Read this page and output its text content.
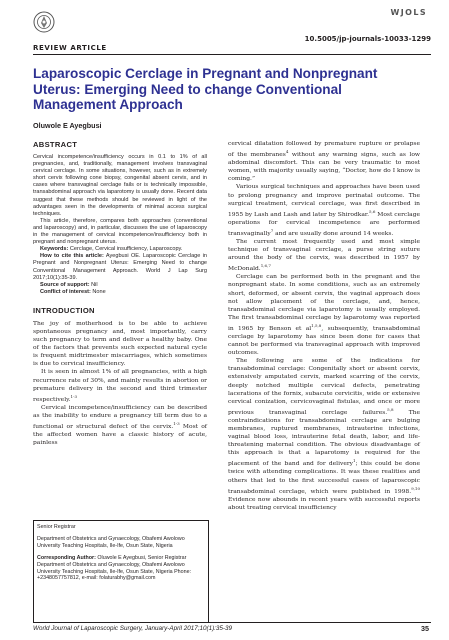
WJOLS
10.5005/jp-journals-10033-1299
REVIEW ARTICLE
Laparoscopic Cerclage in Pregnant and Nonpregnant Uterus: Emerging Need to change Conventional Management Approach
Oluwole E Ayegbusi
ABSTRACT

Cervical incompetence/insufficiency occurs in 0.1 to 1% of all pregnancies, and, traditionally, management involves transvaginal cervical cerclage. In some situations, however, such as in extremely short cervix following cone biopsy, congenital absent cervix, and in cases where transvaginal cerclage fails or is technically impossible, transabdominal approach via laparotomy is usually done. Recent data suggest that these methods should be reviewed in light of the advantages seen in the developments of minimal access surgical techniques.

This article, therefore, compares both approaches (conventional and laparoscopy) and, in particular, discusses the use of laparoscopy in the management of cervical incompetence/insufficiency both in pregnant and nonpregnant uterus.

Keywords: Cerclage, Cervical insufficiency, Laparoscopy.

How to cite this article: Ayegbusi OE. Laparoscopic Cerclage in Pregnant and Nonpregnant Uterus: Emerging Need to change Conventional Management Approach. World J Lap Surg 2017;10(1):35-39.

Source of support: Nil

Conflict of interest: None

INTRODUCTION

The joy of motherhood is to be able to achieve spontaneous pregnancy and, most importantly, carry such pregnancy to term and deliver a healthy baby. One of the factors that prevents such expected natural cycle is frequent midtrimester miscarriages, which sometimes is due to cervical insufficiency.

It is seen in almost 1% of all pregnancies, with a high recurrence rate of 30%, and mainly results in abortion or premature delivery in the second and third trimester respectively.$^{1-3}$

Cervical incompetence/insufficiency can be described as the inability to endure a pregnancy till term due to a functional or structural defect of the cervix.$^{1-3}$ Most of the affected women have a classic history of acute, painless

cervical dilatation followed by premature rupture or prolapse of the membranes$^4$ without any warning signs, such as low abdominal discomfort. This can be very traumatic to most women, with majority usually saying, “Doctor, how do I know is coming.”

Various surgical techniques and approaches have been used to prolong pregnancy and improve perinatal outcome. The surgical treatment, cervical cerclage, was first described in 1955 by Lash and Lash and later by Shirodkar.$^{5,6}$ Most cerclage operations for cervical incompetence are performed transvaginally$^7$ and are usually done around 14 weeks.

The current most frequently used and most simple technique of transvaginal cerclage, a purse string suture around the body of the cervix, was described in 1957 by McDonald.$^{1,6,7}$

Cerclage can be performed both in the pregnant and the nonpregnant state. In some conditions, such as an extremely short, deformed, or absent cervix, the vaginal approach does not allow placement of the cerclage, and, hence, transabdominal cerclage via laparotomy is usually employed. The first transabdominal cerclage by laparotomy was reported in 1965 by Benson et al$^{1,5,8}$, subsequently, transabdominal cerclage by laparotomy has since been done for cases that cannot be performed via transvaginal approach with improved outcomes.

The following are some of the indications for transabdominal cerclage: Congenitally short or absent cervix, extensively amputated cervix, marked scarring of the cervix, deeply notched multiple cervical defects, penetrating lacerations of the fornix, subacute cervicitis, wide or extensive cervical conization, cervicovaginal fistulas, and once or more previous transvaginal cerclage failures.$^{5,8}$ The contraindications for transabdominal cerclage are bulging membranes, ruptured membranes, intrauterine infections, vaginal blood loss, intrauterine fetal death, labor, and life-threatening maternal condition. The obvious disadvantage of this approach is that a laparotomy is required for the placement of the band and for delivery$^1$; this could be done twice with attending complications. It was these realities and others that led to the first successful cases of laparoscopic transabdominal cerclage, which were published in 1998.$^{9,10}$ Evidence now abounds in recent years with successful reports about treating cervical insufficiency

Senior Registrar

Department of Obstetrics and Gynaecology, Obafemi Awolowo University Teaching Hospitals, Ile-Ife, Osun State, Nigeria

Corresponding Author: Oluwole E Ayegbusi, Senior Registrar Department of Obstetrics and Gynaecology, Obafemi Awolowo University Teaching Hospitals, Ile-Ife, Osun State, Nigeria Phone: +2348057757812, e-mail: folaturabhy@gmail.com

World Journal of Laparoscopic Surgery, January-April 2017;10(1):35-39	35
